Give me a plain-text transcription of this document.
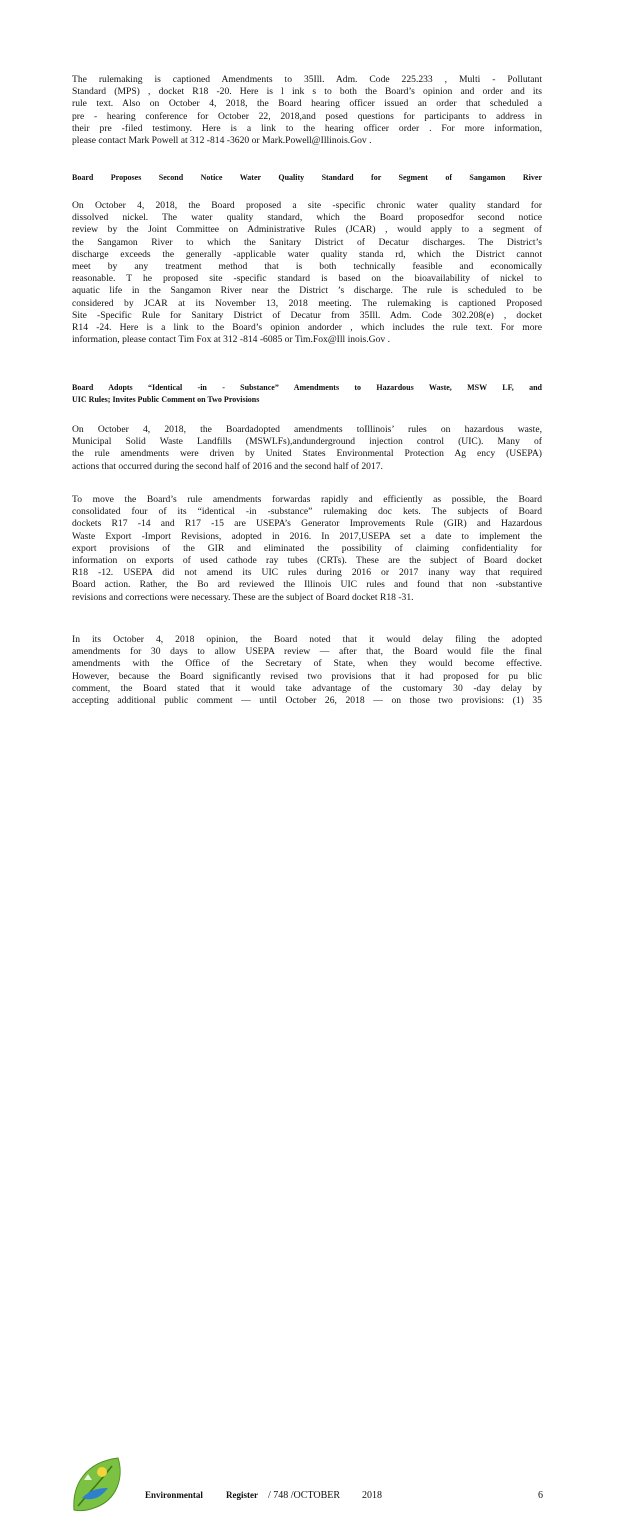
The rulemaking is captioned Amendments to 35Ill. Adm. Code 225.233 , Multi - Pollutant
Standard (MPS) , docket R18 -20. Here is l ink s to both the Board’s opinion and order and its
rule text. Also on October 4, 2018, the Board hearing officer issued an order that scheduled a
pre - hearing conference for October 22, 2018,and posed questions for participants to address in
their pre -filed testimony. Here is a link to the hearing officer order . For more information,
please contact Mark Powell at 312 -814 -3620 or Mark.Powell@Illinois.Gov .

Board Proposes Second Notice Water Quality Standard for Segment of Sangamon River

On October 4, 2018, the Board proposed a site -specific chronic water quality standard for
dissolved nickel. The water quality standard, which the Board proposedfor second notice
review by the Joint Committee on Administrative Rules (JCAR) , would apply to a segment of
the Sangamon River to which the Sanitary District of Decatur discharges. The District’s
discharge exceeds the generally -applicable water quality standa rd, which the District cannot
meet by any treatment method that is both technically feasible and economically
reasonable. T he proposed site -specific standard is based on the bioavailability of nickel to
aquatic life in the Sangamon River near the District ’s discharge. The rule is scheduled to be
considered by JCAR at its November 13, 2018 meeting. The rulemaking is captioned Proposed
Site -Specific Rule for Sanitary District of Decatur from 35Ill. Adm. Code 302.208(e) , docket
R14 -24. Here is a link to the Board’s opinion andorder , which includes the rule text. For more
information, please contact Tim Fox at 312 -814 -6085 or Tim.Fox@Ill inois.Gov .

Board Adopts “Identical -in - Substance” Amendments to Hazardous Waste, MSW LF, and
UIC Rules; Invites Public Comment on Two Provisions

On October 4, 2018, the Boardadopted amendments toIllinois’ rules on hazardous waste,
Municipal Solid Waste Landfills (MSWLFs),andunderground injection control (UIC). Many of
the rule amendments were driven by United States Environmental Protection Ag ency (USEPA)
actions that occurred during the second half of 2016 and the second half of 2017.

To move the Board’s rule amendments forwardas rapidly and efficiently as possible, the Board
consolidated four of its “identical -in -substance” rulemaking doc kets. The subjects of Board
dockets R17 -14 and R17 -15 are USEPA’s Generator Improvements Rule (GIR) and Hazardous
Waste Export -Import Revisions, adopted in 2016. In 2017,USEPA set a date to implement the
export provisions of the GIR and eliminated the possibility of claiming confidentiality for
information on exports of used cathode ray tubes (CRTs). These are the subject of Board docket
R18 -12. USEPA did not amend its UIC rules during 2016 or 2017 inany way that required
Board action. Rather, the Bo ard reviewed the Illinois UIC rules and found that non -substantive
revisions and corrections were necessary. These are the subject of Board docket R18 -31.

In its October 4, 2018 opinion, the Board noted that it would delay filing the adopted
amendments for 30 days to allow USEPA review — after that, the Board would file the final
amendments with the Office of the Secretary of State, when they would become effective.
However, because the Board significantly revised two provisions that it had proposed for pu blic
comment, the Board stated that it would take advantage of the customary 30 -day delay by
accepting additional public comment — until October 26, 2018 — on those two provisions: (1) 35

Environmental	Register / 748 /OCTOBER 2018	6
